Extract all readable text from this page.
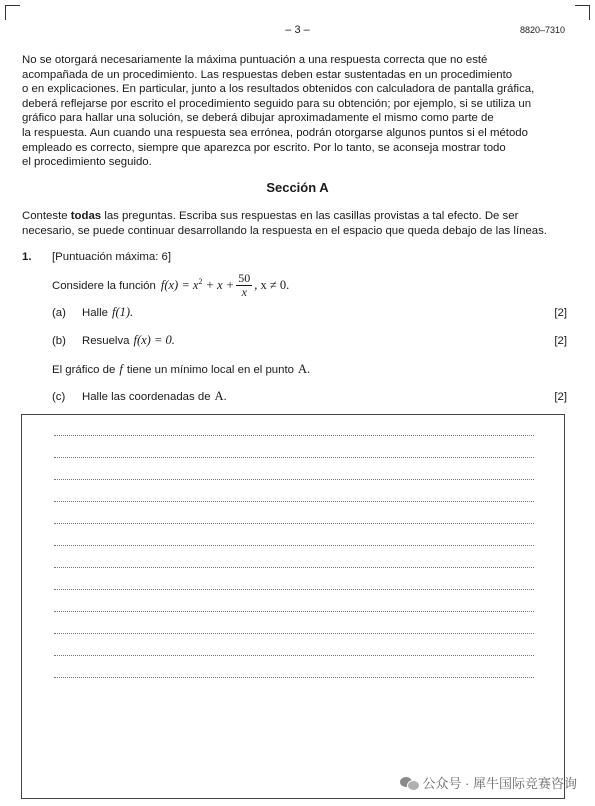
– 3 –	8820–7310
No se otorgará necesariamente la máxima puntuación a una respuesta correcta que no esté
acompañada de un procedimiento. Las respuestas deben estar sustentadas en un procedimiento
o en explicaciones. En particular, junto a los resultados obtenidos con calculadora de pantalla gráfica,
deberá reflejarse por escrito el procedimiento seguido para su obtención; por ejemplo, si se utiliza un
gráfico para hallar una solución, se deberá dibujar aproximadamente el mismo como parte de
la respuesta. Aun cuando una respuesta sea errónea, podrán otorgarse algunos puntos si el método
empleado es correcto, siempre que aparezca por escrito. Por lo tanto, se aconseja mostrar todo
el procedimiento seguido.
Sección A
Conteste todas las preguntas. Escriba sus respuestas en las casillas provistas a tal efecto. De ser
necesario, se puede continuar desarrollando la respuesta en el espacio que queda debajo de las líneas.
1. [Puntuación máxima: 6]
Considere la función $f(x) = x^2 + x + \frac{50}{x}$ , x ≠ 0.
(a)	Halle f(1).	[2]
(b)	Resuelva f(x) = 0.	[2]
El gráfico de f tiene un mínimo local en el punto A.
(c)	Halle las coordenadas de A.	[2]
公众号 · 犀牛国际竞赛咨询
